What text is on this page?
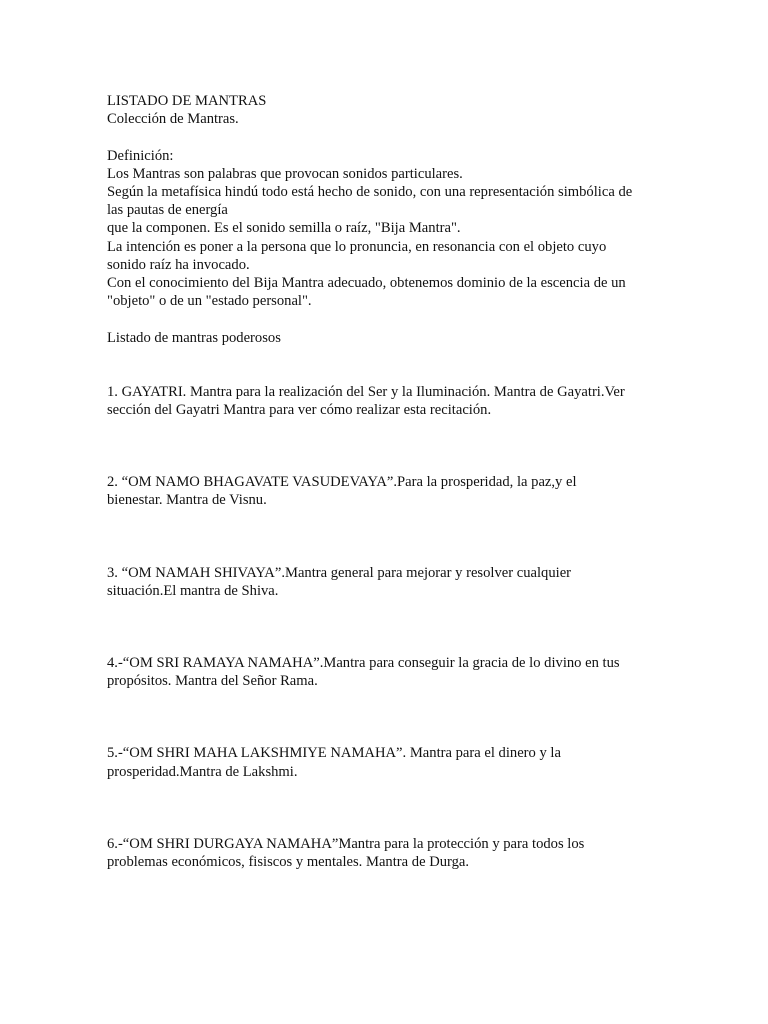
LISTADO DE MANTRAS
Colección de Mantras.
Definición:
Los Mantras son palabras que provocan sonidos particulares.
Según la metafísica hindú todo está hecho de sonido, con una representación simbólica de
las pautas de energía
que la componen. Es el sonido semilla o raíz, "Bija Mantra".
La intención es poner a la persona que lo pronuncia, en resonancia con el objeto cuyo
sonido raíz ha invocado.
Con el conocimiento del Bija Mantra adecuado, obtenemos dominio de la escencia de un
"objeto" o de un "estado personal".
Listado de mantras poderosos
1. GAYATRI. Mantra para la realización del Ser y la Iluminación. Mantra de Gayatri.Ver
sección del Gayatri Mantra para ver cómo realizar esta recitación.
2. “OM NAMO BHAGAVATE VASUDEVAYA”.Para la prosperidad, la paz,y el
bienestar. Mantra de Visnu.
3. “OM NAMAH SHIVAYA”.Mantra general para mejorar y resolver cualquier
situación.El mantra de Shiva.
4.-“OM SRI RAMAYA NAMAHA”.Mantra para conseguir la gracia de lo divino en tus
propósitos. Mantra del Señor Rama.
5.-“OM SHRI MAHA LAKSHMIYE NAMAHA”. Mantra para el dinero y la
prosperidad.Mantra de Lakshmi.
6.-“OM SHRI DURGAYA NAMAHA”Mantra para la protección y para todos los
problemas económicos, fisiscos y mentales. Mantra de Durga.
